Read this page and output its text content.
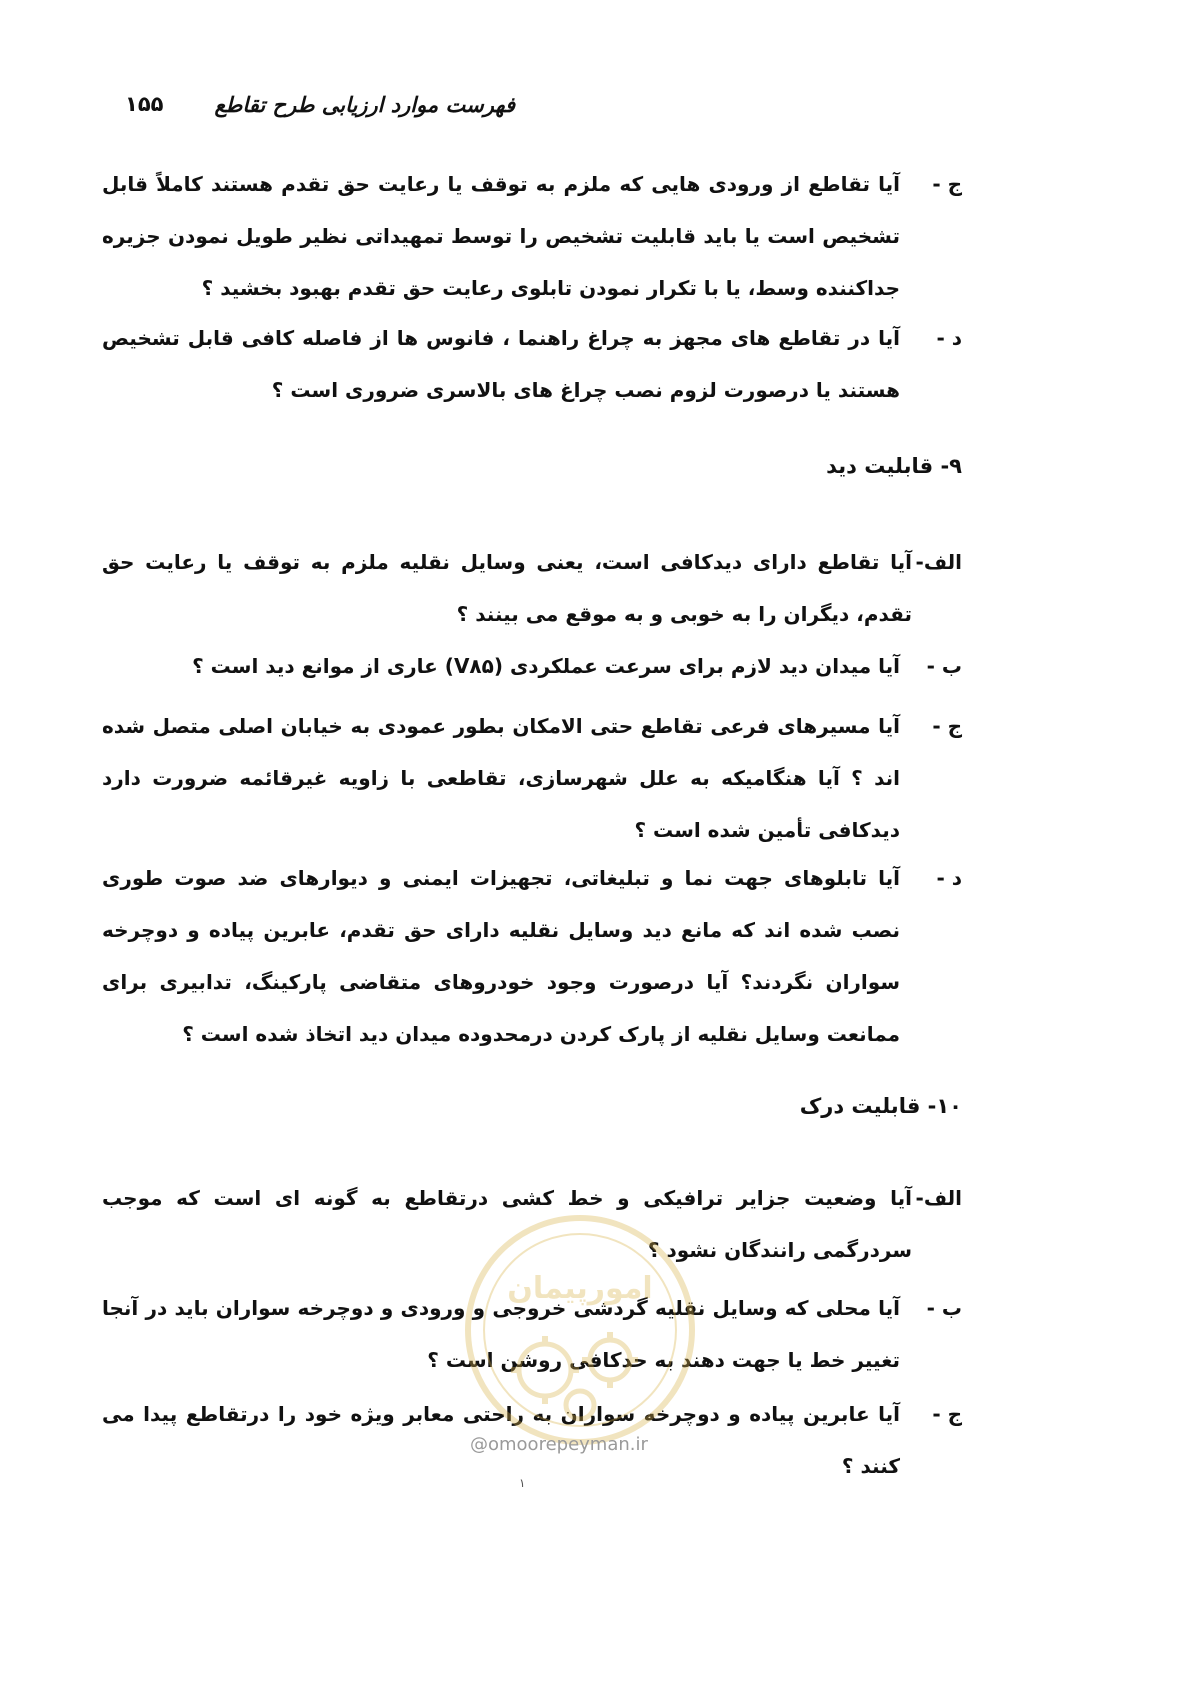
فهرست موارد ارزیابی طرح تقاطع
۱۵۵
ج -
آیا تقاطع از ورودی هایی که ملزم به توقف یا رعایت حق تقدم هستند کاملاً قابل تشخیص است یا باید قابلیت تشخیص را توسط تمهیداتی نظیر طویل نمودن جزیره جداکننده وسط، یا با تکرار نمودن تابلوی رعایت حق تقدم بهبود بخشید ؟
د -
آیا در تقاطع های مجهز به چراغ راهنما ، فانوس ها از فاصله کافی قابل تشخیص هستند یا درصورت لزوم نصب چراغ های بالاسری ضروری است ؟
۹- قابلیت دید
الف-
آیا تقاطع دارای دیدکافی است، یعنی وسایل نقلیه ملزم به توقف یا رعایت حق تقدم، دیگران را به خوبی و به موقع می بینند ؟
ب -
آیا میدان دید لازم برای سرعت عملکردی (V۸۵) عاری از موانع دید است ؟
ج -
آیا مسیرهای فرعی تقاطع حتی الامکان بطور عمودی به خیابان اصلی متصل شده اند ؟ آیا هنگامیکه به علل شهرسازی، تقاطعی با زاویه غیرقائمه ضرورت دارد دیدکافی تأمین شده است ؟
د -
آیا تابلوهای جهت نما و تبلیغاتی، تجهیزات ایمنی و دیوارهای ضد صوت طوری نصب شده اند که مانع دید وسایل نقلیه دارای حق تقدم، عابرین پیاده و دوچرخه سواران نگردند؟ آیا درصورت وجود خودروهای متقاضی پارکینگ، تدابیری برای ممانعت وسایل نقلیه از پارک کردن درمحدوده میدان دید اتخاذ شده است ؟
۱۰- قابلیت درک
الف-
آیا وضعیت جزایر ترافیکی و خط کشی درتقاطع به گونه ای است که موجب سردرگمی رانندگان نشود ؟
ب -
آیا محلی که وسایل نقلیه گردشی خروجی و ورودی و دوچرخه سواران باید در آنجا تغییر خط یا جهت دهند به حدکافی روشن است ؟
ج -
آیا عابرین پیاده و دوچرخه سواران به راحتی معابر ویژه خود را درتقاطع پیدا می کنند ؟
امورپیمان
@omoorepeyman.ir
۱
